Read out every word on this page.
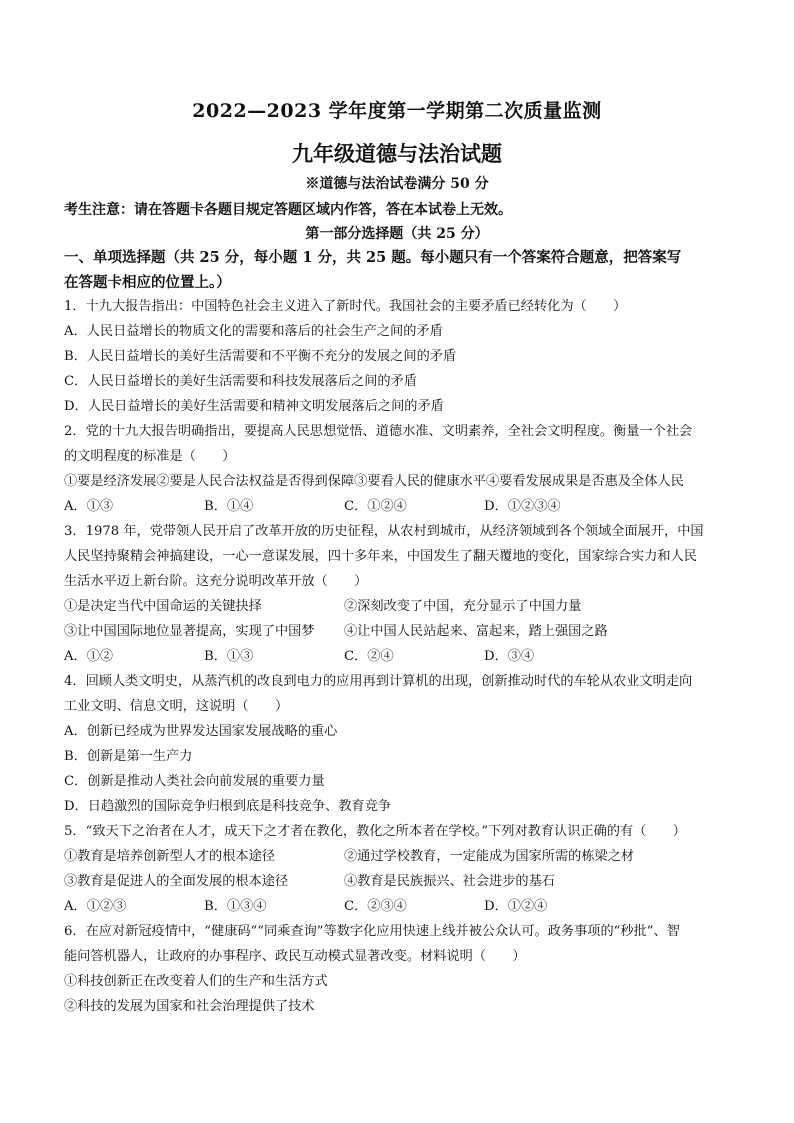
2022—2023 学年度第一学期第二次质量监测
九年级道德与法治试题
※道德与法治试卷满分 50 分
考生注意：请在答题卡各题目规定答题区域内作答，答在本试卷上无效。
第一部分选择题（共 25 分）
一、单项选择题（共 25 分，每小题 1 分，共 25 题。每小题只有一个答案符合题意，把答案写
在答题卡相应的位置上。）
1．十九大报告指出：中国特色社会主义进入了新时代。我国社会的主要矛盾已经转化为（　　）
A．人民日益增长的物质文化的需要和落后的社会生产之间的矛盾
B．人民日益增长的美好生活需要和不平衡不充分的发展之间的矛盾
C．人民日益增长的美好生活需要和科技发展落后之间的矛盾
D．人民日益增长的美好生活需要和精神文明发展落后之间的矛盾
2．党的十九大报告明确指出，要提高人民思想觉悟、道德水准、文明素养，全社会文明程度。衡量一个社会
的文明程度的标准是（　　）
①要是经济发展②要是人民合法权益是否得到保障③要看人民的健康水平④要看发展成果是否惠及全体人民
A．①③	B．①④	C．①②④	D．①②③④
3．1978 年，党带领人民开启了改革开放的历史征程，从农村到城市，从经济领域到各个领域全面展开，中国
人民坚持聚精会神搞建设，一心一意谋发展，四十多年来，中国发生了翻天覆地的变化，国家综合实力和人民
生活水平迈上新台阶。这充分说明改革开放（　　）
①是决定当代中国命运的关键抉择	②深刻改变了中国，充分显示了中国力量
③让中国国际地位显著提高，实现了中国梦 ④让中国人民站起来、富起来，踏上强国之路
A．①②	B．①③	C．②④	D．③④
4．回顾人类文明史，从蒸汽机的改良到电力的应用再到计算机的出现，创新推动时代的车轮从农业文明走向
工业文明、信息文明，这说明（　　）
A．创新已经成为世界发达国家发展战略的重心
B．创新是第一生产力
C．创新是推动人类社会向前发展的重要力量
D．日趋激烈的国际竞争归根到底是科技竞争、教育竞争
5．“致天下之治者在人才，成天下之才者在教化，教化之所本者在学校。”下列对教育认识正确的有（　　）
①教育是培养创新型人才的根本途径	②通过学校教育，一定能成为国家所需的栋梁之材
③教育是促进人的全面发展的根本途径	④教育是民族振兴、社会进步的基石
A．①②③	B．①③④	C．②③④	D．①②④
6．在应对新冠疫情中，“健康码”“同乘查询”等数字化应用快速上线并被公众认可。政务事项的“秒批”、智
能问答机器人，让政府的办事程序、政民互动模式显著改变。材料说明（　　）
①科技创新正在改变着人们的生产和生活方式
②科技的发展为国家和社会治理提供了技术
